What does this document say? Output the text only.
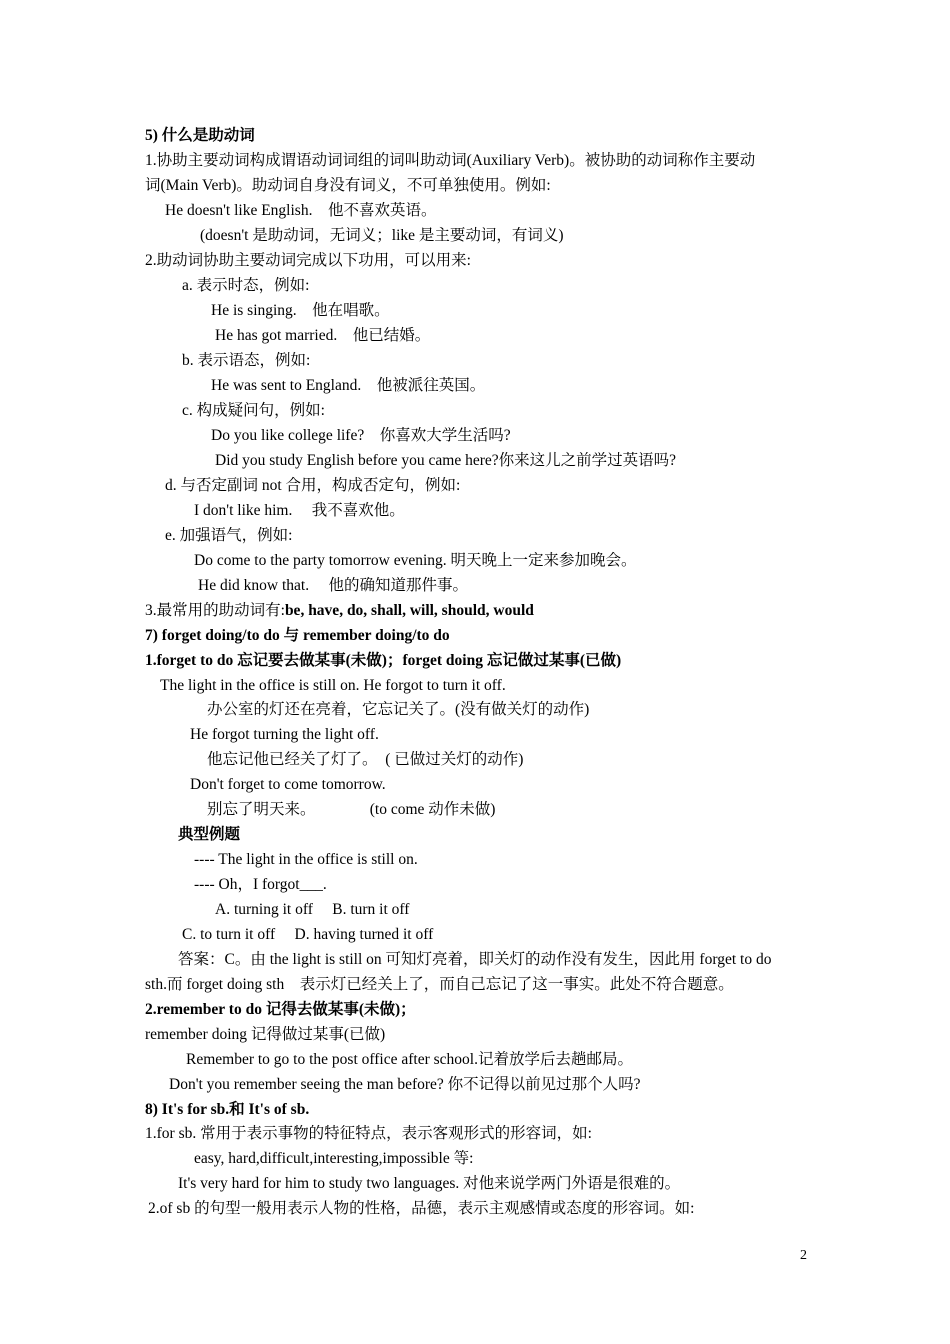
5) 什么是助动词
1.协助主要动词构成谓语动词词组的词叫助动词(Auxiliary Verb)。被协助的动词称作主要动
词(Main Verb)。助动词自身没有词义，不可单独使用。例如:
He doesn't like English.　他不喜欢英语。
(doesn't 是助动词，无词义；like 是主要动词，有词义)
2.助动词协助主要动词完成以下功用，可以用来:
a. 表示时态，例如:
He is singing.　他在唱歌。
He has got married.　他已结婚。
b. 表示语态，例如:
He was sent to England.　他被派往英国。
c. 构成疑问句，例如:
Do you like college life?　你喜欢大学生活吗?
Did you study English before you came here?你来这儿之前学过英语吗?
d. 与否定副词 not 合用，构成否定句，例如:
I don't like him.　 我不喜欢他。
e. 加强语气，例如:
Do come to the party tomorrow evening. 明天晚上一定来参加晚会。
He did know that.　 他的确知道那件事。
3.最常用的助动词有:be, have, do, shall, will, should, would
7) forget doing/to do 与 remember doing/to do
1.forget to do 忘记要去做某事(未做)；forget doing 忘记做过某事(已做)
The light in the office is still on. He forgot to turn it off.
办公室的灯还在亮着，它忘记关了。(没有做关灯的动作)
He forgot turning the light off.
他忘记他已经关了灯了。　( 已做过关灯的动作)
Don't forget to come tomorrow.
别忘了明天来。　　　　(to come 动作未做)
典型例题
---- The light in the office is still on.
---- Oh，I forgot___.
A. turning it off　 B. turn it off
C. to turn it off　 D. having turned it off
答案：C。由 the light is still on 可知灯亮着，即关灯的动作没有发生，因此用 forget to do
sth.而 forget doing sth　表示灯已经关上了，而自己忘记了这一事实。此处不符合题意。
2.remember to do 记得去做某事(未做)；
remember doing 记得做过某事(已做)
Remember to go to the post office after school.记着放学后去趟邮局。
Don't you remember seeing the man before? 你不记得以前见过那个人吗?
8) It's for sb.和 It's of sb.
1.for sb. 常用于表示事物的特征特点，表示客观形式的形容词，如:
easy, hard,difficult,interesting,impossible 等:
It's very hard for him to study two languages. 对他来说学两门外语是很难的。
2.of sb 的句型一般用表示人物的性格，品德，表示主观感情或态度的形容词。如:
2
